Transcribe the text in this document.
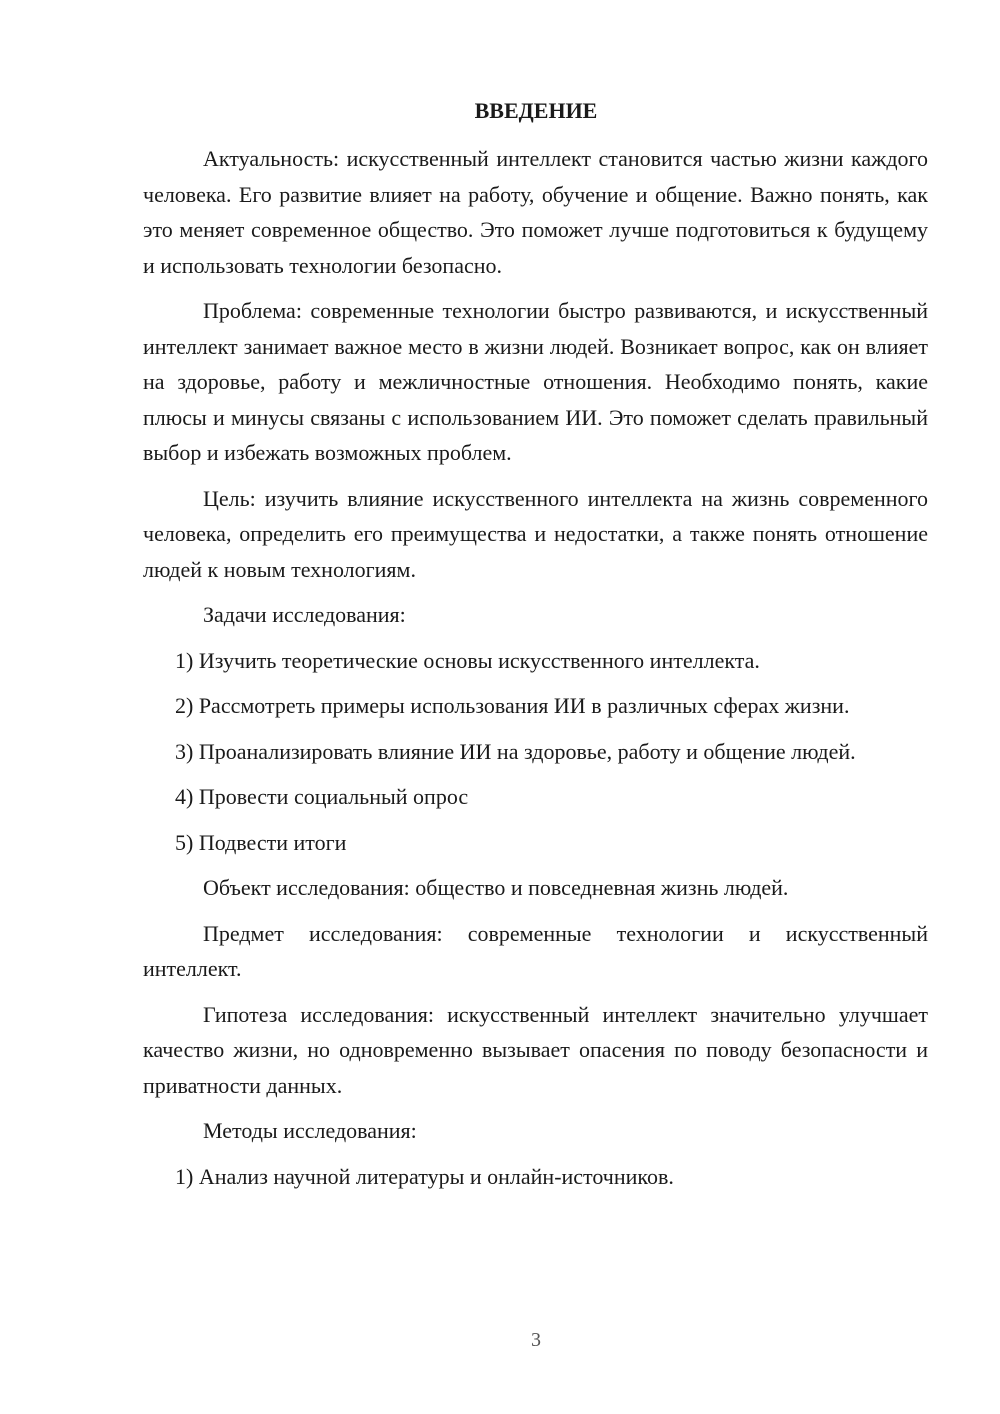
ВВЕДЕНИЕ

Актуальность: искусственный интеллект становится частью жизни каждого человека. Его развитие влияет на работу, обучение и общение. Важно понять, как это меняет современное общество. Это поможет лучше подготовиться к будущему и использовать технологии безопасно.

Проблема: современные технологии быстро развиваются, и искусственный интеллект занимает важное место в жизни людей. Возникает вопрос, как он влияет на здоровье, работу и межличностные отношения. Необходимо понять, какие плюсы и минусы связаны с использованием ИИ. Это поможет сделать правильный выбор и избежать возможных проблем.

Цель: изучить влияние искусственного интеллекта на жизнь современного человека, определить его преимущества и недостатки, а также понять отношение людей к новым технологиям.

Задачи исследования:

1) Изучить теоретические основы искусственного интеллекта.

2) Рассмотреть примеры использования ИИ в различных сферах жизни.

3) Проанализировать влияние ИИ на здоровье, работу и общение людей.

4) Провести социальный опрос

5) Подвести итоги

Объект исследования: общество и повседневная жизнь людей.

Предмет исследования: современные технологии и искусственный интеллект.

Гипотеза исследования: искусственный интеллект значительно улучшает качество жизни, но одновременно вызывает опасения по поводу безопасности и приватности данных.

Методы исследования:

1) Анализ научной литературы и онлайн-источников.

3
